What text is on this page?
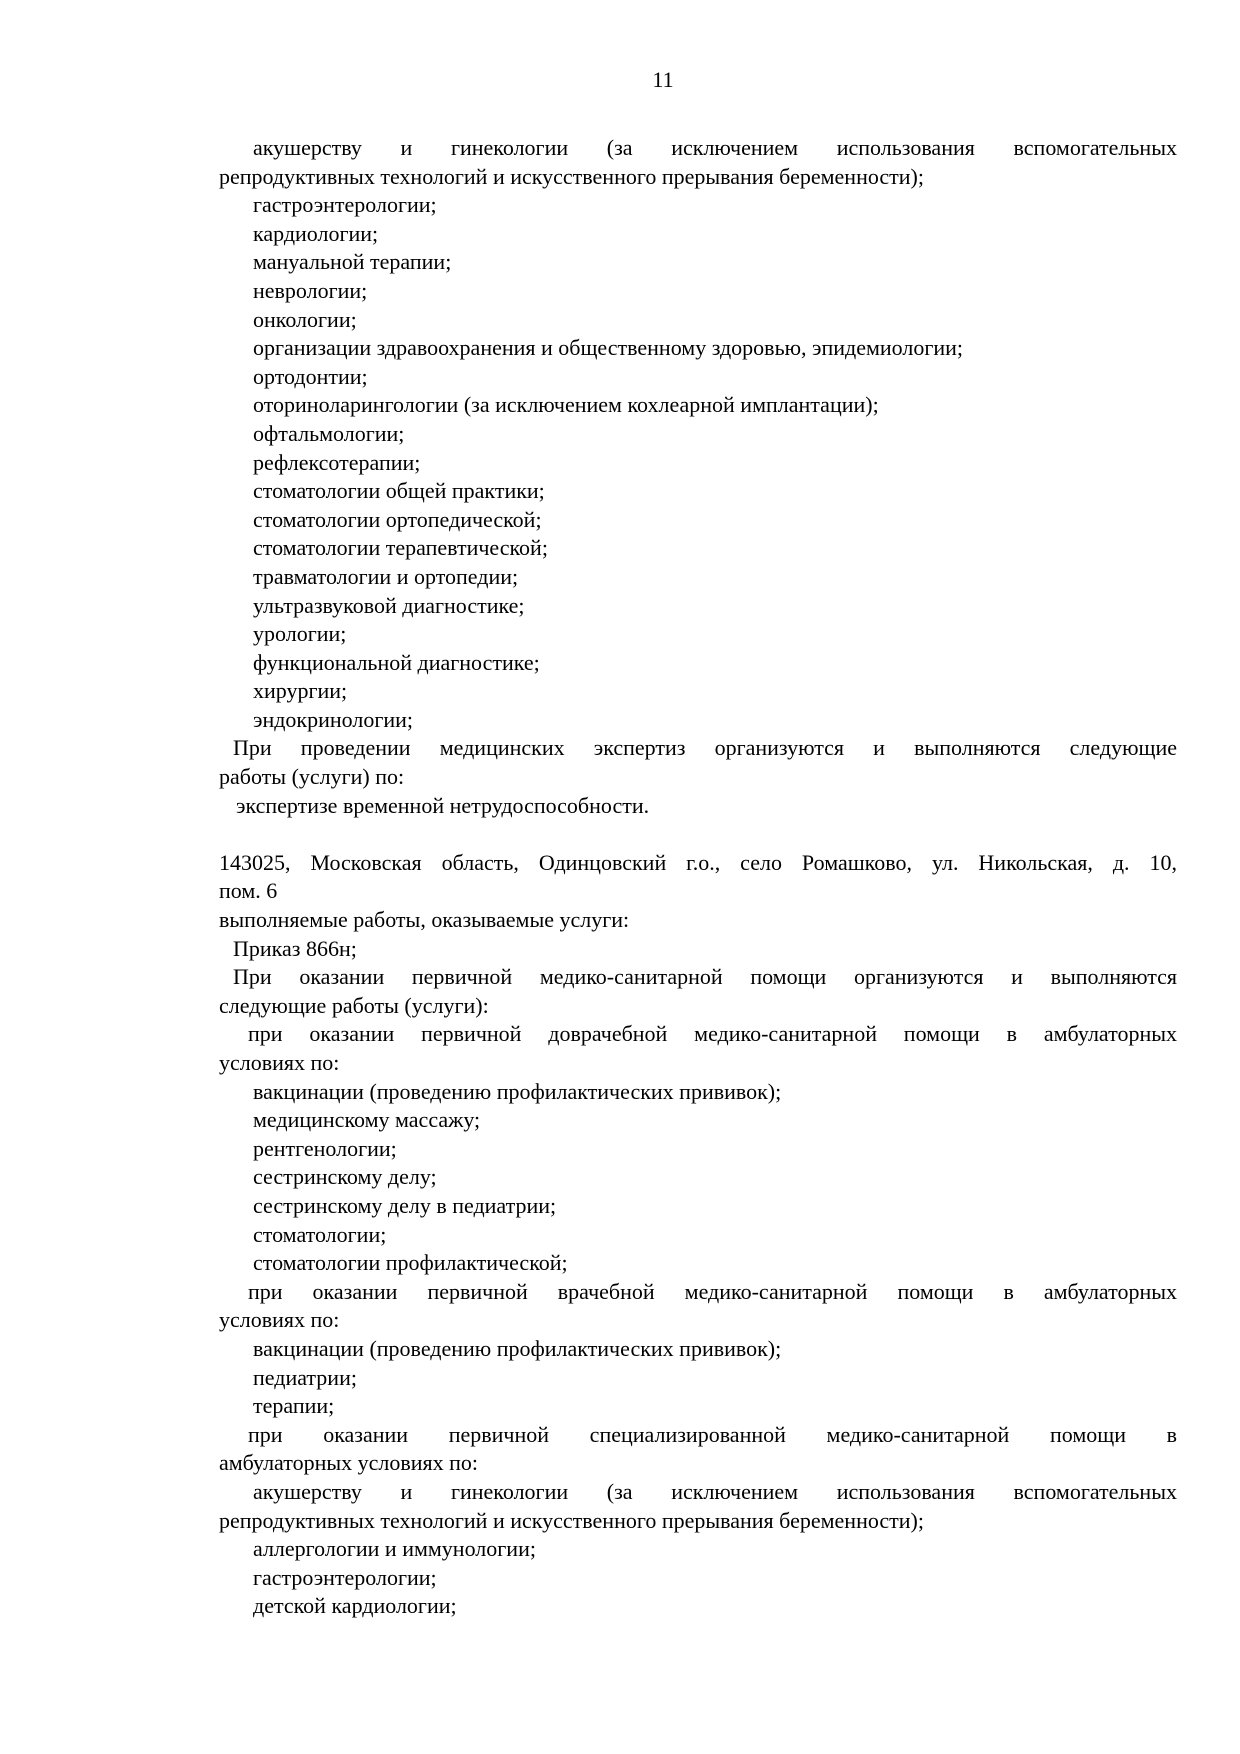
11
акушерству и гинекологии (за исключением использования вспомогательных
репродуктивных технологий и искусственного прерывания беременности);
гастроэнтерологии;
кардиологии;
мануальной терапии;
неврологии;
онкологии;
организации здравоохранения и общественному здоровью, эпидемиологии;
ортодонтии;
оториноларингологии (за исключением кохлеарной имплантации);
офтальмологии;
рефлексотерапии;
стоматологии общей практики;
стоматологии ортопедической;
стоматологии терапевтической;
травматологии и ортопедии;
ультразвуковой диагностике;
урологии;
функциональной диагностике;
хирургии;
эндокринологии;
При проведении медицинских экспертиз организуются и выполняются следующие
работы (услуги) по:
экспертизе временной нетрудоспособности.

143025, Московская область, Одинцовский г.о., село Ромашково, ул. Никольская, д. 10,
пом. 6
выполняемые работы, оказываемые услуги:
Приказ 866н;
При оказании первичной медико-санитарной помощи организуются и выполняются
следующие работы (услуги):
при оказании первичной доврачебной медико-санитарной помощи в амбулаторных
условиях по:
вакцинации (проведению профилактических прививок);
медицинскому массажу;
рентгенологии;
сестринскому делу;
сестринскому делу в педиатрии;
стоматологии;
стоматологии профилактической;
при оказании первичной врачебной медико-санитарной помощи в амбулаторных
условиях по:
вакцинации (проведению профилактических прививок);
педиатрии;
терапии;
при оказании первичной специализированной медико-санитарной помощи в
амбулаторных условиях по:
акушерству и гинекологии (за исключением использования вспомогательных
репродуктивных технологий и искусственного прерывания беременности);
аллергологии и иммунологии;
гастроэнтерологии;
детской кардиологии;
